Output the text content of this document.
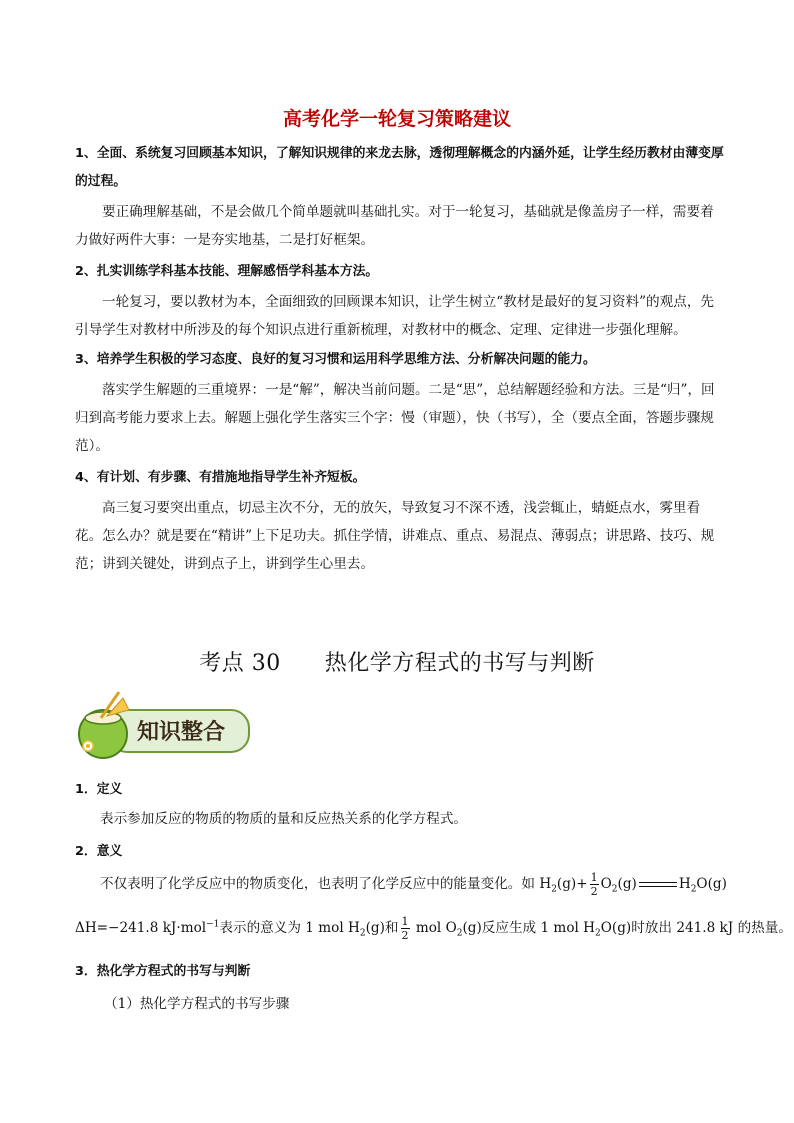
高考化学一轮复习策略建议

1、全面、系统复习回顾基本知识，了解知识规律的来龙去脉，透彻理解概念的内涵外延，让学生经历教材由薄变厚的过程。

要正确理解基础，不是会做几个简单题就叫基础扎实。对于一轮复习，基础就是像盖房子一样，需要着力做好两件大事：一是夯实地基，二是打好框架。

2、扎实训练学科基本技能、理解感悟学科基本方法。

一轮复习，要以教材为本，全面细致的回顾课本知识，让学生树立“教材是最好的复习资料”的观点，先引导学生对教材中所涉及的每个知识点进行重新梳理，对教材中的概念、定理、定律进一步强化理解。

3、培养学生积极的学习态度、良好的复习习惯和运用科学思维方法、分析解决问题的能力。

落实学生解题的三重境界：一是“解”，解决当前问题。二是“思”，总结解题经验和方法。三是“归”，回归到高考能力要求上去。解题上强化学生落实三个字：慢（审题），快（书写），全（要点全面，答题步骤规范）。

4、有计划、有步骤、有措施地指导学生补齐短板。

高三复习要突出重点，切忌主次不分，无的放矢，导致复习不深不透，浅尝辄止，蜻蜓点水，雾里看花。怎么办？就是要在“精讲”上下足功夫。抓住学情，讲难点、重点、易混点、薄弱点；讲思路、技巧、规范；讲到关键处，讲到点子上，讲到学生心里去。

考点 30 热化学方程式的书写与判断
知识整合
1．定义
表示参加反应的物质的物质的量和反应热关系的化学方程式。
2．意义
不仅表明了化学反应中的物质变化，也表明了化学反应中的能量变化。如 $H_2(g)+ \frac{1}{2} O_2(g)$	$H_2O(g)$
ΔH=−241.8 kJ·mol$^{-1}$表示的意义为 1 mol $H_2(g)$和 $\frac{1}{2}$ mol $O_2(g)$反应生成 1 mol $H_2O(g)$时放出 241.8 kJ 的热量。
3．热化学方程式的书写与判断
（1）热化学方程式的书写步骤
